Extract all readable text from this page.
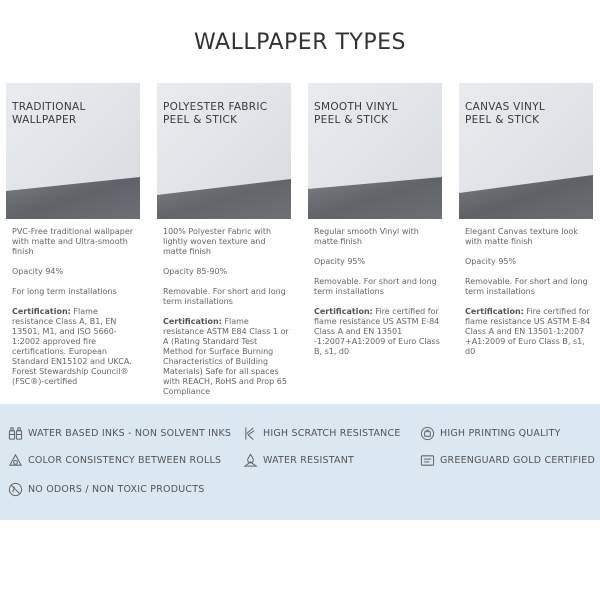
WALLPAPER TYPES
TRADITIONAL
WALLPAPER

PVC-Free traditional wallpaper with matte and Ultra-smooth finish

Opacity 94%

For long term installations

Certification: Flame resistance Class A, B1, EN 13501, M1, and ISO 5660-1:2002 approved fire certifications. European Standard EN15102 and UKCA. Forest Stewardship Council® (FSC®)-certified

POLYESTER FABRIC
PEEL & STICK

100% Polyester Fabric with lightly woven texture and matte finish

Opacity 85-90%

Removable. For short and long term installations

Certification: Flame resistance ASTM E84 Class 1 or A (Rating Standard Test Method for Surface Burning Characteristics of Building Materials) Safe for all spaces with REACH, RoHS and Prop 65 Compliance

SMOOTH VINYL
PEEL & STICK

Regular smooth Vinyl with matte finish

Opacity 95%

Removable. For short and long term installations

Certification: Fire certified for flame resistance US ASTM E-84 Class A and EN 13501 -1:2007+A1:2009 of Euro Class B, s1, d0

CANVAS VINYL
PEEL & STICK

Elegant Canvas texture look with matte finish

Opacity 95%

Removable. For short and long term installations

Certification: Fire certified for flame resistance US ASTM E-84 Class A and EN 13501-1:2007 +A1:2009 of Euro Class B, s1, d0

WATER BASED INKS - NON SOLVENT INKS	HIGH SCRATCH RESISTANCE	HIGH PRINTING QUALITY
COLOR CONSISTENCY BETWEEN ROLLS	WATER RESISTANT	GREENGUARD GOLD CERTIFIED
NO ODORS / NON TOXIC PRODUCTS
